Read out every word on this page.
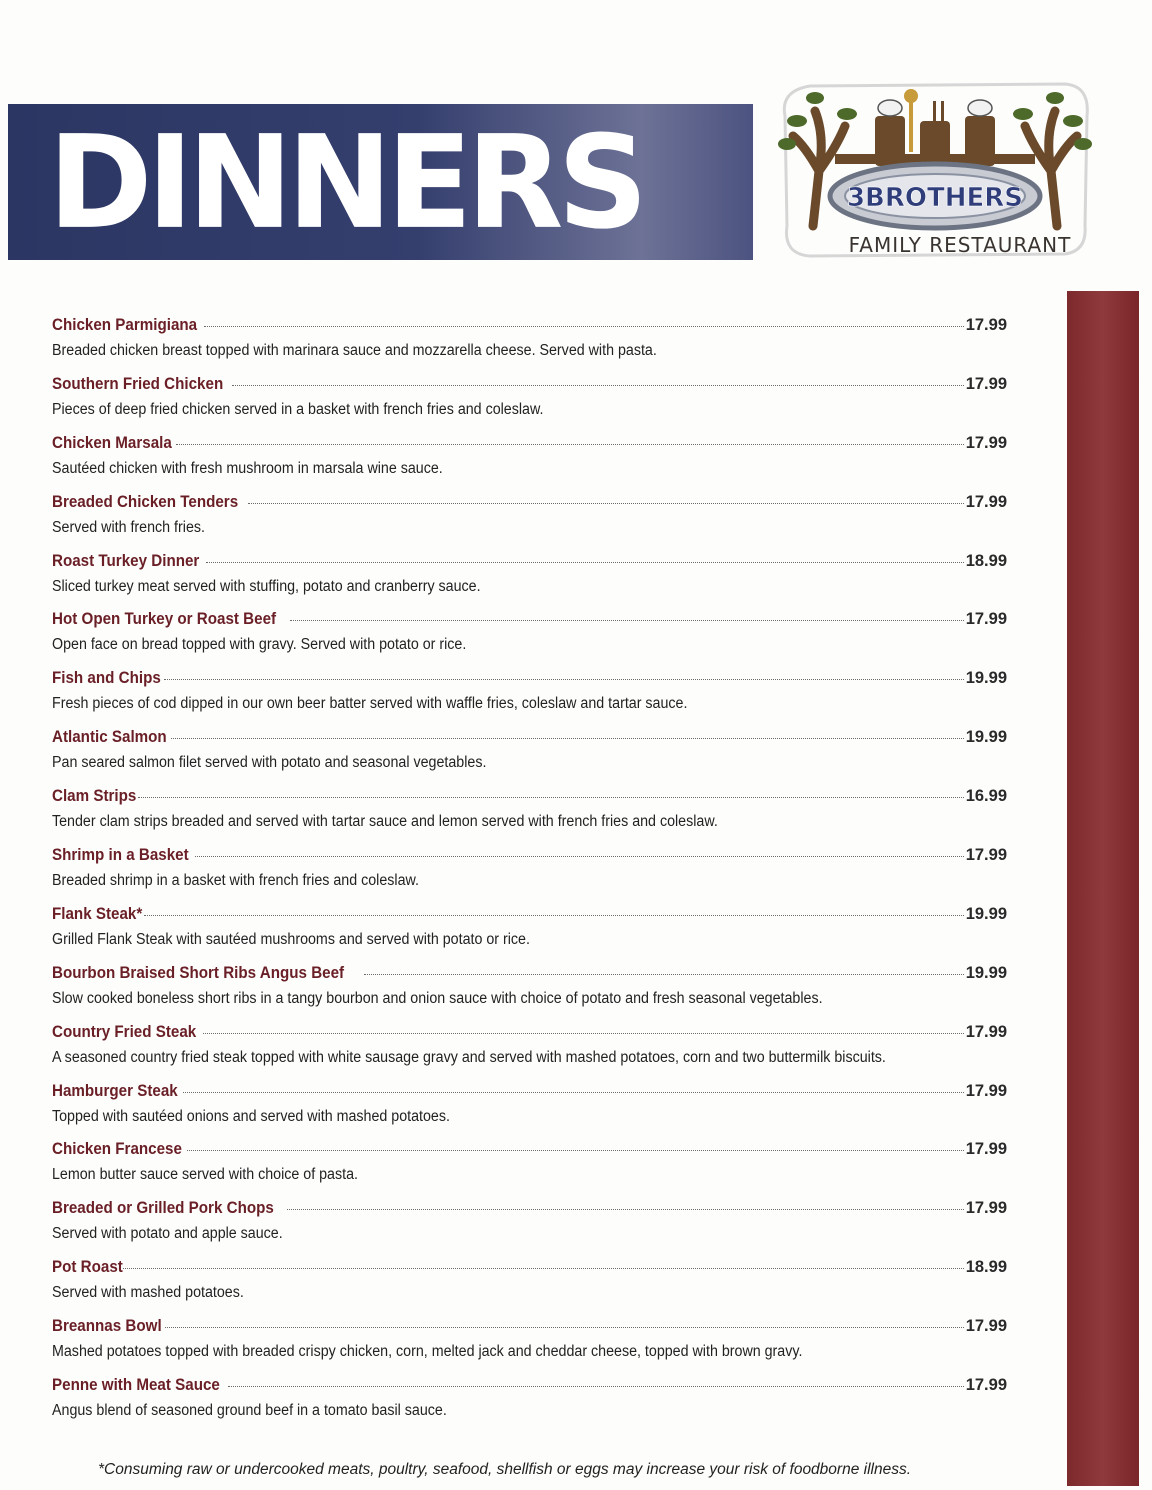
DINNERS	3BROTHERS
FAMILY RESTAURANT
Chicken Parmigiana	17.99
Breaded chicken breast topped with marinara sauce and mozzarella cheese. Served with pasta.
Southern Fried Chicken	17.99
Pieces of deep fried chicken served in a basket with french fries and coleslaw.
Chicken Marsala	17.99
Sautéed chicken with fresh mushroom in marsala wine sauce.
Breaded Chicken Tenders	17.99
Served with french fries.
Roast Turkey Dinner	18.99
Sliced turkey meat served with stuffing, potato and cranberry sauce.
Hot Open Turkey or Roast Beef	17.99
Open face on bread topped with gravy. Served with potato or rice.
Fish and Chips	19.99
Fresh pieces of cod dipped in our own beer batter served with waffle fries, coleslaw and tartar sauce.
Atlantic Salmon	19.99
Pan seared salmon filet served with potato and seasonal vegetables.
Clam Strips	16.99
Tender clam strips breaded and served with tartar sauce and lemon served with french fries and coleslaw.
Shrimp in a Basket	17.99
Breaded shrimp in a basket with french fries and coleslaw.
Flank Steak*	19.99
Grilled Flank Steak with sautéed mushrooms and served with potato or rice.
Bourbon Braised Short Ribs Angus Beef	19.99
Slow cooked boneless short ribs in a tangy bourbon and onion sauce with choice of potato and fresh seasonal vegetables.
Country Fried Steak	17.99
A seasoned country fried steak topped with white sausage gravy and served with mashed potatoes, corn and two buttermilk biscuits.
Hamburger Steak	17.99
Topped with sautéed onions and served with mashed potatoes.
Chicken Francese	17.99
Lemon butter sauce served with choice of pasta.
Breaded or Grilled Pork Chops	17.99
Served with potato and apple sauce.
Pot Roast	18.99
Served with mashed potatoes.
Breannas Bowl	17.99
Mashed potatoes topped with breaded crispy chicken, corn, melted jack and cheddar cheese, topped with brown gravy.
Penne with Meat Sauce	17.99
Angus blend of seasoned ground beef in a tomato basil sauce.
*Consuming raw or undercooked meats, poultry, seafood, shellfish or eggs may increase your risk of foodborne illness.
